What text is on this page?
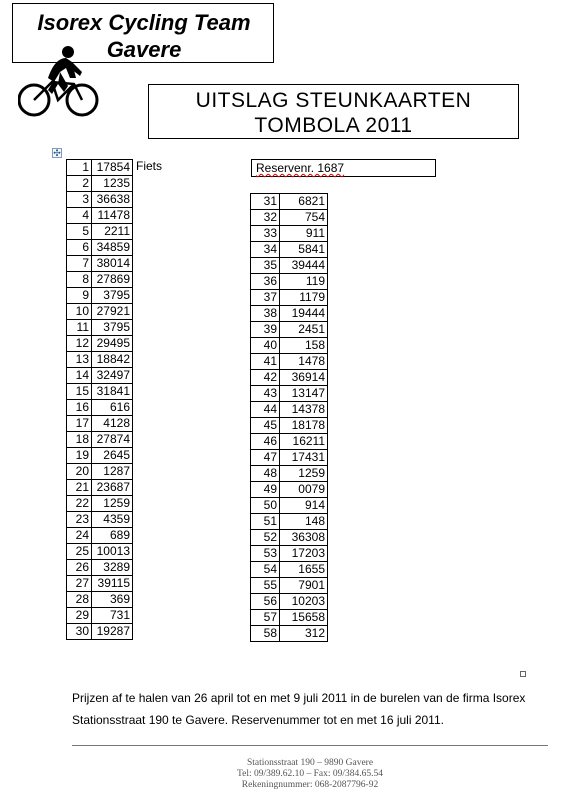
Isorex Cycling Team
Gavere
UITSLAG STEUNKAARTEN
TOMBOLA 2011
✣
1	17854
2	1235
3	36638
4	11478
5	2211
6	34859
7	38014
8	27869
9	3795
10	27921
11	3795
12	29495
13	18842
14	32497
15	31841
16	616
17	4128
18	27874
19	2645
20	1287
21	23687
22	1259
23	4359
24	689
25	10013
26	3289
27	39115
28	369
29	731
30	19287
Fiets	Reservenr. 1687
31	6821
32	754
33	911
34	5841
35	39444
36	119
37	1179
38	19444
39	2451
40	158
41	1478
42	36914
43	13147
44	14378
45	18178
46	16211
47	17431
48	1259
49	0079
50	914
51	148
52	36308
53	17203
54	1655
55	7901
56	10203
57	15658
58	312
Prijzen af te halen van 26 april tot en met 9 juli 2011 in de burelen van de firma Isorex
Stationsstraat 190 te Gavere. Reservenummer tot en met 16 juli 2011.
Stationsstraat 190 – 9890 Gavere
Tel: 09/389.62.10 – Fax: 09/384.65.54
Rekeningnummer: 068-2087796-92
